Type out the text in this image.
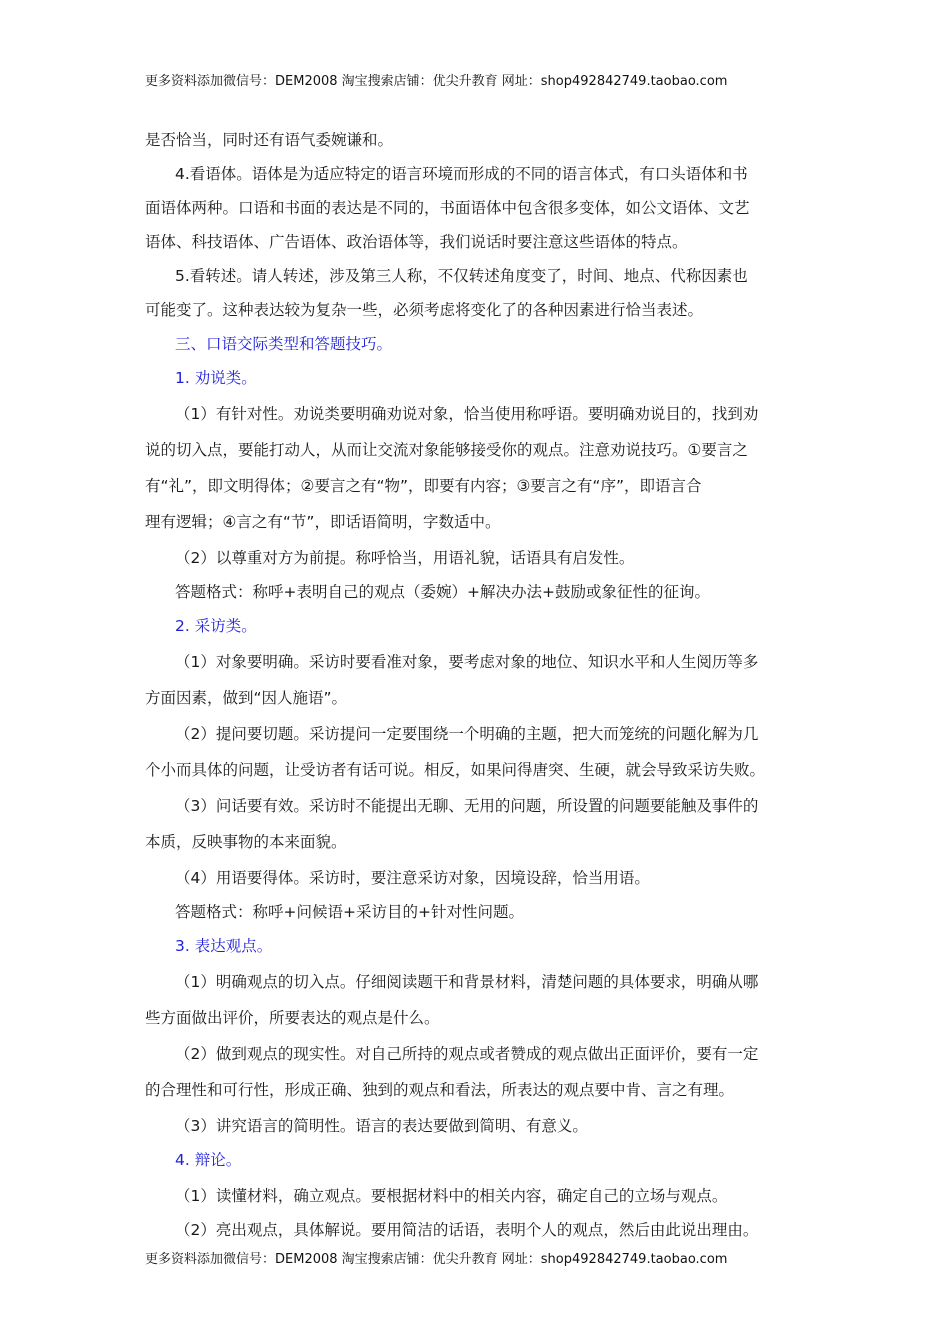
更多资料添加微信号：DEM2008 淘宝搜索店铺：优尖升教育 网址：shop492842749.taobao.com
是否恰当，同时还有语气委婉谦和。
4.看语体。语体是为适应特定的语言环境而形成的不同的语言体式，有口头语体和书
面语体两种。口语和书面的表达是不同的，书面语体中包含很多变体，如公文语体、文艺
语体、科技语体、广告语体、政治语体等，我们说话时要注意这些语体的特点。
5.看转述。请人转述，涉及第三人称，不仅转述角度变了，时间、地点、代称因素也
可能变了。这种表达较为复杂一些，必须考虑将变化了的各种因素进行恰当表述。
三、口语交际类型和答题技巧。
1. 劝说类。
（1）有针对性。劝说类要明确劝说对象，恰当使用称呼语。要明确劝说目的，找到劝
说的切入点，要能打动人，从而让交流对象能够接受你的观点。注意劝说技巧。①要言之
有“礼”，即文明得体；②要言之有“物”，即要有内容；③要言之有“序”，即语言合
理有逻辑；④言之有“节”，即话语简明，字数适中。
（2）以尊重对方为前提。称呼恰当，用语礼貌，话语具有启发性。
答题格式：称呼+表明自己的观点（委婉）+解决办法+鼓励或象征性的征询。
2. 采访类。
（1）对象要明确。采访时要看准对象，要考虑对象的地位、知识水平和人生阅历等多
方面因素，做到“因人施语”。
（2）提问要切题。采访提问一定要围绕一个明确的主题，把大而笼统的问题化解为几
个小而具体的问题，让受访者有话可说。相反，如果问得唐突、生硬，就会导致采访失败。
（3）问话要有效。采访时不能提出无聊、无用的问题，所设置的问题要能触及事件的
本质，反映事物的本来面貌。
（4）用语要得体。采访时，要注意采访对象，因境设辞，恰当用语。
答题格式：称呼+问候语+采访目的+针对性问题。
3. 表达观点。
（1）明确观点的切入点。仔细阅读题干和背景材料，清楚问题的具体要求，明确从哪
些方面做出评价，所要表达的观点是什么。
（2）做到观点的现实性。对自己所持的观点或者赞成的观点做出正面评价，要有一定
的合理性和可行性，形成正确、独到的观点和看法，所表达的观点要中肯、言之有理。
（3）讲究语言的简明性。语言的表达要做到简明、有意义。
4. 辩论。
（1）读懂材料，确立观点。要根据材料中的相关内容，确定自己的立场与观点。
（2）亮出观点，具体解说。要用简洁的话语，表明个人的观点，然后由此说出理由。
更多资料添加微信号：DEM2008 淘宝搜索店铺：优尖升教育 网址：shop492842749.taobao.com
